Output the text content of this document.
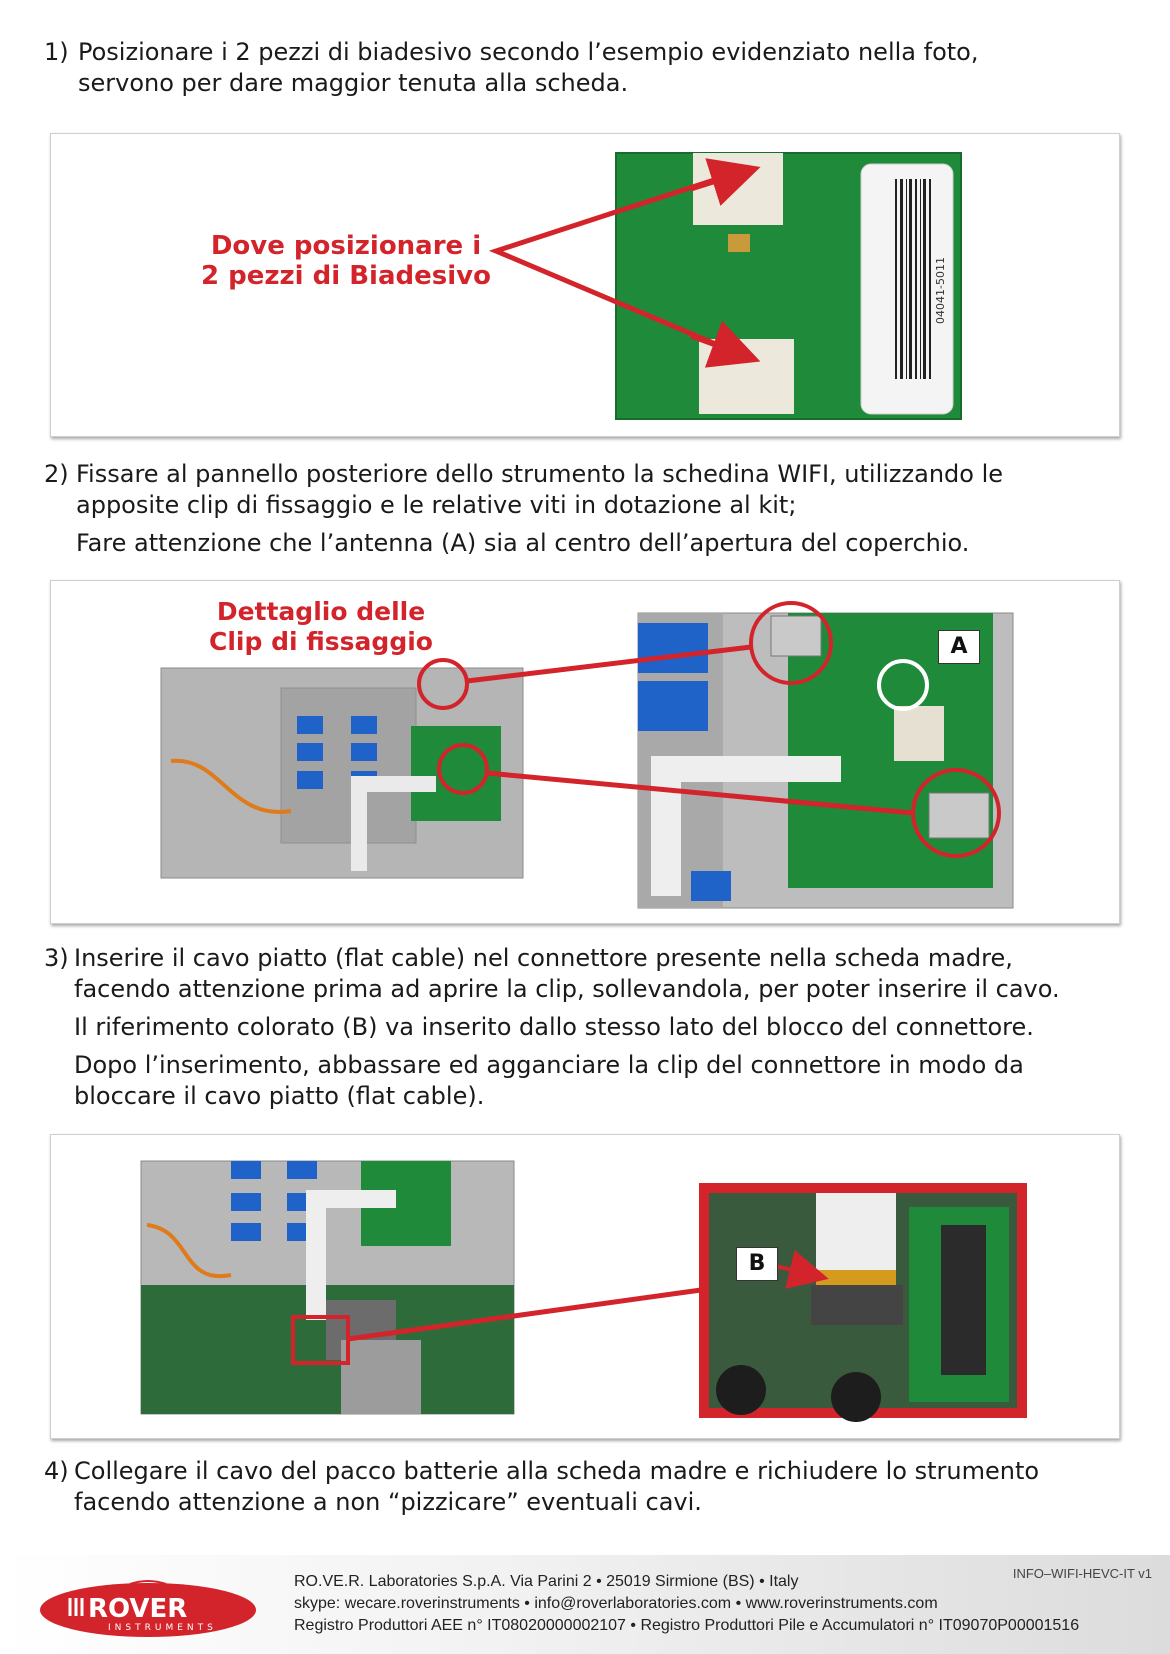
1) Posizionare i 2 pezzi di biadesivo secondo l’esempio evidenziato nella foto,

servono per dare maggior tenuta alla scheda.

Dove posizionare i
2 pezzi di Biadesivo	04041-5011
2) Fissare al pannello posteriore dello strumento la schedina WIFI, utilizzando le

apposite clip di fissaggio e le relative viti in dotazione al kit;

Fare attenzione che l’antenna (A) sia al centro dell’apertura del coperchio.

Dettaglio delle
Clip di fissaggio	A
3) Inserire il cavo piatto (flat cable) nel connettore presente nella scheda madre,

facendo attenzione prima ad aprire la clip, sollevandola, per poter inserire il cavo.

Il riferimento colorato (B) va inserito dallo stesso lato del blocco del connettore.

Dopo l’inserimento, abbassare ed agganciare la clip del connettore in modo da

bloccare il cavo piatto (flat cable).

B
4) Collegare il cavo del pacco batterie alla scheda madre e richiudere lo strumento

facendo attenzione a non “pizzicare” eventuali cavi.

ROVER
INSTRUMENTS
RO.VE.R. Laboratories S.p.A. Via Parini 2 • 25019 Sirmione (BS) • Italy
skype: wecare.roverinstruments • info@roverlaboratories.com • www.roverinstruments.com
Registro Produttori AEE n° IT08020000002107 • Registro Produttori Pile e Accumulatori n° IT09070P00001516
INFO–WIFI-HEVC-IT v1
